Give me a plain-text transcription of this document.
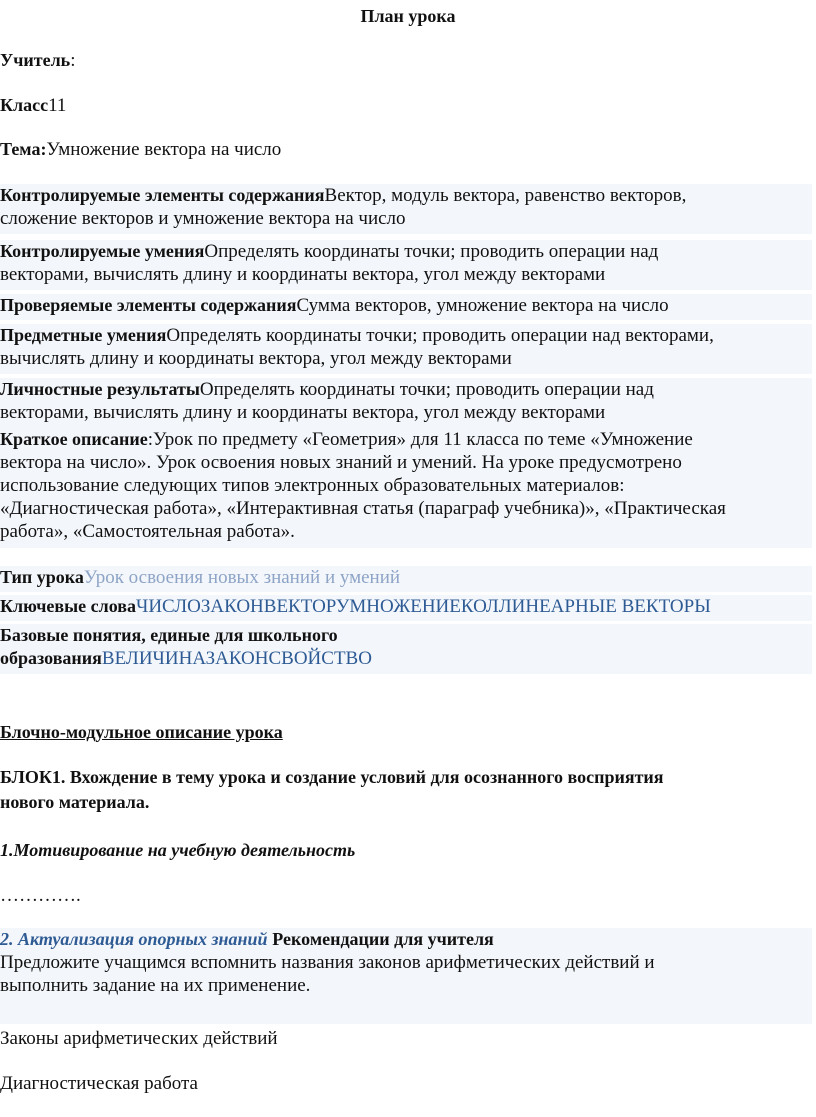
План урока
Учитель:
Класс11
Тема:Умножение вектора на число
Контролируемые элементы содержанияВектор, модуль вектора, равенство векторов,
сложение векторов и умножение вектора на число
Контролируемые уменияОпределять координаты точки; проводить операции над
векторами, вычислять длину и координаты вектора, угол между векторами
Проверяемые элементы содержанияСумма векторов, умножение вектора на число
Предметные уменияОпределять координаты точки; проводить операции над векторами,
вычислять длину и координаты вектора, угол между векторами
Личностные результатыОпределять координаты точки; проводить операции над
векторами, вычислять длину и координаты вектора, угол между векторами
Краткое описание:Урок по предмету «Геометрия» для 11 класса по теме «Умножение
вектора на число». Урок освоения новых знаний и умений. На уроке предусмотрено
использование следующих типов электронных образовательных материалов:
«Диагностическая работа», «Интерактивная статья (параграф учебника)», «Практическая
работа», «Самостоятельная работа».
Тип урокаУрок освоения новых знаний и умений
Ключевые словаЧИСЛОЗАКОНВЕКТОРУМНОЖЕНИЕКОЛЛИНЕАРНЫЕ ВЕКТОРЫ
Базовые понятия, единые для школьного
образованияВЕЛИЧИНАЗАКОНСВОЙСТВО
Блочно-модульное описание урока
БЛОК1. Вхождение в тему урока и создание условий для осознанного восприятия
нового материала.
1.Мотивирование на учебную деятельность
………….
2. Актуализация опорных знаний Рекомендации для учителя
Предложите учащимся вспомнить названия законов арифметических действий и
выполнить задание на их применение.
Законы арифметических действий
Диагностическая работа
